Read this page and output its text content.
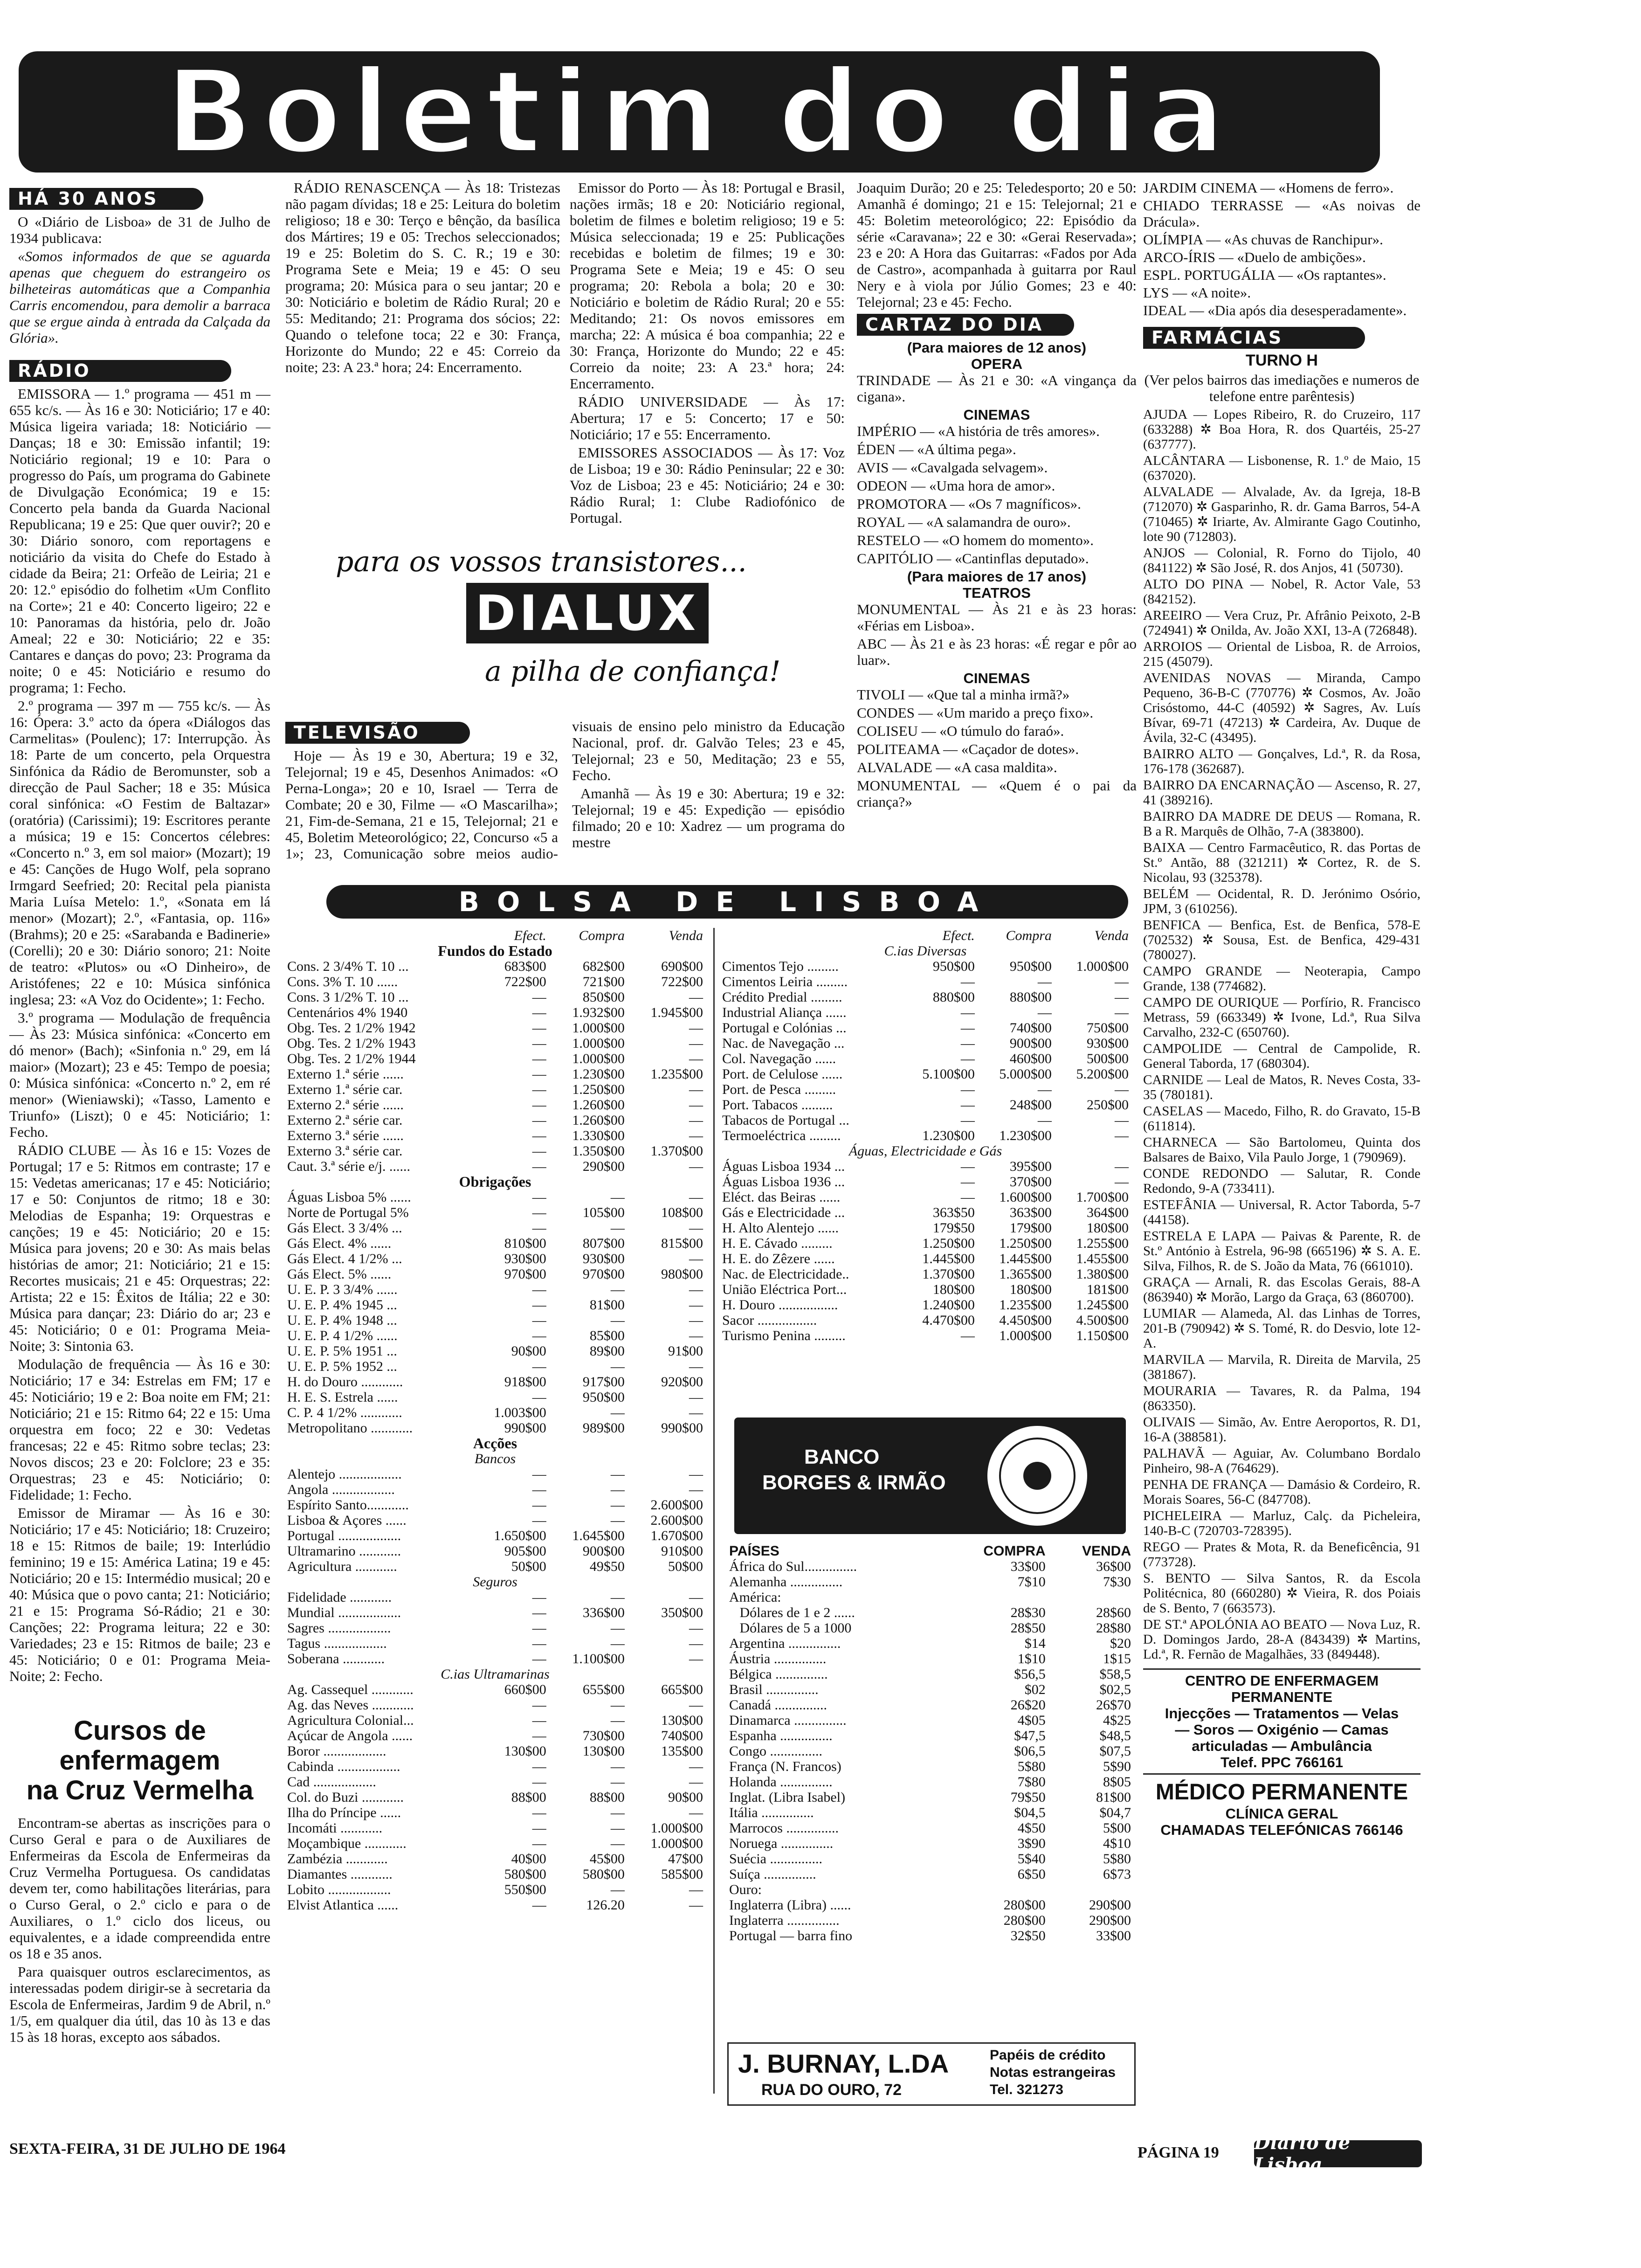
Boletim do dia
HÁ 30 ANOS

O «Diário de Lisboa» de 31 de Julho de 1934 publicava:

«Somos informados de que se aguarda apenas que cheguem do estrangeiro os bilheteiras automáticas que a Companhia Carris encomendou, para demolir a barraca que se ergue ainda à entrada da Calçada da Glória».

RÁDIO

EMISSORA — 1.º programa — 451 m — 655 kc/s. — Às 16 e 30: Noticiário; 17 e 40: Música ligeira variada; 18: Noticiário — Danças; 18 e 30: Emissão infantil; 19: Noticiário regional; 19 e 10: Para o progresso do País, um programa do Gabinete de Divulgação Económica; 19 e 15: Concerto pela banda da Guarda Nacional Republicana; 19 e 25: Que quer ouvir?; 20 e 30: Diário sonoro, com reportagens e noticiário da visita do Chefe do Estado à cidade da Beira; 21: Orfeão de Leiria; 21 e 20: 12.º episódio do folhetim «Um Conflito na Corte»; 21 e 40: Concerto ligeiro; 22 e 10: Panoramas da história, pelo dr. João Ameal; 22 e 30: Noticiário; 22 e 35: Cantares e danças do povo; 23: Programa da noite; 0 e 45: Noticiário e resumo do programa; 1: Fecho.

2.º programa — 397 m — 755 kc/s. — Às 16: Ópera: 3.º acto da ópera «Diálogos das Carmelitas» (Poulenc); 17: Interrupção. Às 18: Parte de um concerto, pela Orquestra Sinfónica da Rádio de Beromunster, sob a direcção de Paul Sacher; 18 e 35: Música coral sinfónica: «O Festim de Baltazar» (oratória) (Carissimi); 19: Escritores perante a música; 19 e 15: Concertos célebres: «Concerto n.º 3, em sol maior» (Mozart); 19 e 45: Canções de Hugo Wolf, pela soprano Irmgard Seefried; 20: Recital pela pianista Maria Luísa Metelo: 1.º, «Sonata em lá menor» (Mozart); 2.º, «Fantasia, op. 116» (Brahms); 20 e 25: «Sarabanda e Badinerie» (Corelli); 20 e 30: Diário sonoro; 21: Noite de teatro: «Plutos» ou «O Dinheiro», de Aristófenes; 22 e 10: Música sinfónica inglesa; 23: «A Voz do Ocidente»; 1: Fecho.

3.º programa — Modulação de frequência — Às 23: Música sinfónica: «Concerto em dó menor» (Bach); «Sinfonia n.º 29, em lá maior» (Mozart); 23 e 45: Tempo de poesia; 0: Música sinfónica: «Concerto n.º 2, em ré menor» (Wieniawski); «Tasso, Lamento e Triunfo» (Liszt); 0 e 45: Noticiário; 1: Fecho.

RÁDIO CLUBE — Às 16 e 15: Vozes de Portugal; 17 e 5: Ritmos em contraste; 17 e 15: Vedetas americanas; 17 e 45: Noticiário; 17 e 50: Conjuntos de ritmo; 18 e 30: Melodias de Espanha; 19: Orquestras e canções; 19 e 45: Noticiário; 20 e 15: Música para jovens; 20 e 30: As mais belas histórias de amor; 21: Noticiário; 21 e 15: Recortes musicais; 21 e 45: Orquestras; 22: Artista; 22 e 15: Êxitos de Itália; 22 e 30: Música para dançar; 23: Diário do ar; 23 e 45: Noticiário; 0 e 01: Programa Meia-Noite; 3: Sintonia 63.

Modulação de frequência — Às 16 e 30: Noticiário; 17 e 34: Estrelas em FM; 17 e 45: Noticiário; 19 e 2: Boa noite em FM; 21: Noticiário; 21 e 15: Ritmo 64; 22 e 15: Uma orquestra em foco; 22 e 30: Vedetas francesas; 22 e 45: Ritmo sobre teclas; 23: Novos discos; 23 e 20: Folclore; 23 e 35: Orquestras; 23 e 45: Noticiário; 0: Fidelidade; 1: Fecho.

Emissor de Miramar — Às 16 e 30: Noticiário; 17 e 45: Noticiário; 18: Cruzeiro; 18 e 15: Ritmos de baile; 19: Interlúdio feminino; 19 e 15: América Latina; 19 e 45: Noticiário; 20 e 15: Intermédio musical; 20 e 40: Música que o povo canta; 21: Noticiário; 21 e 15: Programa Só-Rádio; 21 e 30: Canções; 22: Programa leitura; 22 e 30: Variedades; 23 e 15: Ritmos de baile; 23 e 45: Noticiário; 0 e 01: Programa Meia-Noite; 2: Fecho.

Cursos de enfermagem
na Cruz Vermelha

Encontram-se abertas as inscrições para o Curso Geral e para o de Auxiliares de Enfermeiras da Escola de Enfermeiras da Cruz Vermelha Portuguesa. Os candidatas devem ter, como habilitações literárias, para o Curso Geral, o 2.º ciclo e para o de Auxiliares, o 1.º ciclo dos liceus, ou equivalentes, e a idade compreendida entre os 18 e 35 anos.

Para quaisquer outros esclarecimentos, as interessadas podem dirigir-se à secretaria da Escola de Enfermeiras, Jardim 9 de Abril, n.º 1/5, em qualquer dia útil, das 10 às 13 e das 15 às 18 horas, excepto aos sábados.

RÁDIO RENASCENÇA — Às 18: Tristezas não pagam dívidas; 18 e 25: Leitura do boletim religioso; 18 e 30: Terço e bênção, da basílica dos Mártires; 19 e 05: Trechos seleccionados; 19 e 25: Boletim do S. C. R.; 19 e 30: Programa Sete e Meia; 19 e 45: O seu programa; 20: Música para o seu jantar; 20 e 30: Noticiário e boletim de Rádio Rural; 20 e 55: Meditando; 21: Programa dos sócios; 22: Quando o telefone toca; 22 e 30: França, Horizonte do Mundo; 22 e 45: Correio da noite; 23: A 23.ª hora; 24: Encerramento.

Emissor do Porto — Às 18: Portugal e Brasil, nações irmãs; 18 e 20: Noticiário regional, boletim de filmes e boletim religioso; 19 e 5: Música seleccionada; 19 e 25: Publicações recebidas e boletim de filmes; 19 e 30: Programa Sete e Meia; 19 e 45: O seu programa; 20: Rebola a bola; 20 e 30: Noticiário e boletim de Rádio Rural; 20 e 55: Meditando; 21: Os novos emissores em marcha; 22: A música é boa companhia; 22 e 30: França, Horizonte do Mundo; 22 e 45: Correio da noite; 23: A 23.ª hora; 24: Encerramento.

RÁDIO UNIVERSIDADE — Às 17: Abertura; 17 e 5: Concerto; 17 e 50: Noticiário; 17 e 55: Encerramento.

EMISSORES ASSOCIADOS — Às 17: Voz de Lisboa; 19 e 30: Rádio Peninsular; 22 e 30: Voz de Lisboa; 23 e 45: Noticiário; 24 e 30: Rádio Rural; 1: Clube Radiofónico de Portugal.

Joaquim Durão; 20 e 25: Teledesporto; 20 e 50: Amanhã é domingo; 21 e 15: Telejornal; 21 e 45: Boletim meteorológico; 22: Episódio da série «Caravana»; 22 e 30: «Gerai Reservada»; 23 e 20: A Hora das Guitarras: «Fados por Ada de Castro», acompanhada à guitarra por Raul Nery e à viola por Júlio Gomes; 23 e 40: Telejornal; 23 e 45: Fecho.

CARTAZ DO DIA
(Para maiores de 12 anos)
OPERA

TRINDADE — Às 21 e 30: «A vingança da cigana».

CINEMAS

IMPÉRIO — «A história de três amores».

ÉDEN — «A última pega».

AVIS — «Cavalgada selvagem».

ODEON — «Uma hora de amor».

PROMOTORA — «Os 7 magníficos».

ROYAL — «A salamandra de ouro».

RESTELO — «O homem do momento».

CAPITÓLIO — «Cantinflas deputado».

(Para maiores de 17 anos)
TEATROS

MONUMENTAL — Às 21 e às 23 horas: «Férias em Lisboa».

ABC — Às 21 e às 23 horas: «É regar e pôr ao luar».

CINEMAS

TIVOLI — «Que tal a minha irmã?»

CONDES — «Um marido a preço fixo».

COLISEU — «O túmulo do faraó».

POLITEAMA — «Caçador de dotes».

ALVALADE — «A casa maldita».

MONUMENTAL — «Quem é o pai da criança?»

JARDIM CINEMA — «Homens de ferro».

CHIADO TERRASSE — «As noivas de Drácula».

OLÍMPIA — «As chuvas de Ranchipur».

ARCO-ÍRIS — «Duelo de ambições».

ESPL. PORTUGÁLIA — «Os raptantes».

LYS — «A noite».

IDEAL — «Dia após dia desesperadamente».

FARMÁCIAS
TURNO H
(Ver pelos bairros das imediações e numeros de telefone entre parêntesis)

AJUDA — Lopes Ribeiro, R. do Cruzeiro, 117 (633288) ✲ Boa Hora, R. dos Quartéis, 25-27 (637777).

ALCÂNTARA — Lisbonense, R. 1.º de Maio, 15 (637020).

ALVALADE — Alvalade, Av. da Igreja, 18-B (712070) ✲ Gasparinho, R. dr. Gama Barros, 54-A (710465) ✲ Iriarte, Av. Almirante Gago Coutinho, lote 90 (712803).

ANJOS — Colonial, R. Forno do Tijolo, 40 (841122) ✲ São José, R. dos Anjos, 41 (50730).

ALTO DO PINA — Nobel, R. Actor Vale, 53 (842152).

AREEIRO — Vera Cruz, Pr. Afrânio Peixoto, 2-B (724941) ✲ Onilda, Av. João XXI, 13-A (726848).

ARROIOS — Oriental de Lisboa, R. de Arroios, 215 (45079).

AVENIDAS NOVAS — Miranda, Campo Pequeno, 36-B-C (770776) ✲ Cosmos, Av. João Crisóstomo, 44-C (40592) ✲ Sagres, Av. Luís Bívar, 69-71 (47213) ✲ Cardeira, Av. Duque de Ávila, 32-C (43495).

BAIRRO ALTO — Gonçalves, Ld.ª, R. da Rosa, 176-178 (362687).

BAIRRO DA ENCARNAÇÃO — Ascenso, R. 27, 41 (389216).

BAIRRO DA MADRE DE DEUS — Romana, R. B a R. Marquês de Olhão, 7-A (383800).

BAIXA — Centro Farmacêutico, R. das Portas de St.º Antão, 88 (321211) ✲ Cortez, R. de S. Nicolau, 93 (325378).

BELÉM — Ocidental, R. D. Jerónimo Osório, JPM, 3 (610256).

BENFICA — Benfica, Est. de Benfica, 578-E (702532) ✲ Sousa, Est. de Benfica, 429-431 (780027).

CAMPO GRANDE — Neoterapia, Campo Grande, 138 (774682).

CAMPO DE OURIQUE — Porfírio, R. Francisco Metrass, 59 (663349) ✲ Ivone, Ld.ª, Rua Silva Carvalho, 232-C (650760).

CAMPOLIDE — Central de Campolide, R. General Taborda, 17 (680304).

CARNIDE — Leal de Matos, R. Neves Costa, 33-35 (780181).

CASELAS — Macedo, Filho, R. do Gravato, 15-B (611814).

CHARNECA — São Bartolomeu, Quinta dos Balsares de Baixo, Vila Paulo Jorge, 1 (790969).

CONDE REDONDO — Salutar, R. Conde Redondo, 9-A (733411).

ESTEFÂNIA — Universal, R. Actor Taborda, 5-7 (44158).

ESTRELA E LAPA — Paivas & Parente, R. de St.º António à Estrela, 96-98 (665196) ✲ S. A. E. Silva, Filhos, R. de S. João da Mata, 76 (661010).

GRAÇA — Arnali, R. das Escolas Gerais, 88-A (863940) ✲ Morão, Largo da Graça, 63 (860700).

LUMIAR — Alameda, Al. das Linhas de Torres, 201-B (790942) ✲ S. Tomé, R. do Desvio, lote 12-A.

MARVILA — Marvila, R. Direita de Marvila, 25 (381867).

MOURARIA — Tavares, R. da Palma, 194 (863350).

OLIVAIS — Simão, Av. Entre Aeroportos, R. D1, 16-A (388581).

PALHAVÃ — Aguiar, Av. Columbano Bordalo Pinheiro, 98-A (764629).

PENHA DE FRANÇA — Damásio & Cordeiro, R. Morais Soares, 56-C (847708).

PICHELEIRA — Marluz, Calç. da Picheleira, 140-B-C (720703-728395).

REGO — Prates & Mota, R. da Beneficência, 91 (773728).

S. BENTO — Silva Santos, R. da Escola Politécnica, 80 (660280) ✲ Vieira, R. dos Poiais de S. Bento, 7 (663573).

DE ST.ª APOLÓNIA AO BEATO — Nova Luz, R. D. Domingos Jardo, 28-A (843439) ✲ Martins, Ld.ª, R. Fernão de Magalhães, 33 (849448).

CENTRO DE ENFERMAGEM PERMANENTE
Injecções — Tratamentos — Velas
— Soros — Oxigénio — Camas
articuladas — Ambulância
Telef. PPC 766161
MÉDICO PERMANENTE
CLÍNICA GERAL
CHAMADAS TELEFÓNICAS 766146
para os vossos transistores...
DIALUX
a pilha de confiança!
TELEVISÃO

Hoje — Às 19 e 30, Abertura; 19 e 32, Telejornal; 19 e 45, Desenhos Animados: «O Perna-Longa»; 20 e 10, Israel — Terra de Combate; 20 e 30, Filme — «O Mascarilha»; 21, Fim-de-Semana, 21 e 15, Telejornal; 21 e 45, Boletim Meteorológico; 22, Concurso «5 a 1»; 23, Comunicação sobre meios audio-visuais de ensino pelo ministro da Educação Nacional, prof. dr. Galvão Teles; 23 e 45, Telejornal; 23 e 50, Meditação; 23 e 55, Fecho.

Amanhã — Às 19 e 30: Abertura; 19 e 32: Telejornal; 19 e 45: Expedição — episódio filmado; 20 e 10: Xadrez — um programa do mestre

BOLSA DE LISBOA
	Efect.	Compra	Venda
Fundos do Estado			
Cons. 2 3/4% T. 10 ...	683$00	682$00	690$00
Cons. 3% T. 10 ......	722$00	721$00	722$00
Cons. 3 1/2% T. 10 ...	—	850$00	—
Centenários 4% 1940	—	1.932$00	1.945$00
Obg. Tes. 2 1/2% 1942	—	1.000$00	—
Obg. Tes. 2 1/2% 1943	—	1.000$00	—
Obg. Tes. 2 1/2% 1944	—	1.000$00	—
Externo 1.ª série ......	—	1.230$00	1.235$00
Externo 1.ª série car.	—	1.250$00	—
Externo 2.ª série ......	—	1.260$00	—
Externo 2.ª série car.	—	1.260$00	—
Externo 3.ª série ......	—	1.330$00	—
Externo 3.ª série car.	—	1.350$00	1.370$00
Caut. 3.ª série e/j. ......	—	290$00	—
Obrigações			
Águas Lisboa 5% ......	—	—	—
Norte de Portugal 5%	—	105$00	108$00
Gás Elect. 3 3/4% ...	—	—	—
Gás Elect. 4% ......	810$00	807$00	815$00
Gás Elect. 4 1/2% ...	930$00	930$00	—
Gás Elect. 5% ......	970$00	970$00	980$00
U. E. P. 3 3/4% ......	—	—	—
U. E. P. 4% 1945 ...	—	81$00	—
U. E. P. 4% 1948 ...	—	—	—
U. E. P. 4 1/2% ......	—	85$00	—
U. E. P. 5% 1951 ...	90$00	89$00	91$00
U. E. P. 5% 1952 ...	—	—	—
H. do Douro ............	918$00	917$00	920$00
H. E. S. Estrela ......	—	950$00	—
C. P. 4 1/2% ............	1.003$00	—	—
Metropolitano ............	990$00	989$00	990$00
Acções			
Bancos			
Alentejo ..................	—	—	—
Angola ..................	—	—	—
Espírito Santo............	—	—	2.600$00
Lisboa & Açores ......	—	—	2.600$00
Portugal ..................	1.650$00	1.645$00	1.670$00
Ultramarino ............	905$00	900$00	910$00
Agricultura ............	50$00	49$50	50$00
Seguros			
Fidelidade ............	—	—	—
Mundial ..................	—	336$00	350$00
Sagres ..................	—	—	—
Tagus ..................	—	—	—
Soberana ............	—	1.100$00	—
C.ias Ultramarinas			
Ag. Cassequel ............	660$00	655$00	665$00
Ag. das Neves ............	—	—	—
Agricultura Colonial...	—	—	130$00
Açúcar de Angola ......	—	730$00	740$00
Boror ..................	130$00	130$00	135$00
Cabinda ..................	—	—	—
Cad ..................	—	—	—
Col. do Buzi ............	88$00	88$00	90$00
Ilha do Príncipe ......	—	—	—
Incomáti ............	—	—	1.000$00
Moçambique ............	—	—	1.000$00
Zambézia ............	40$00	45$00	47$00
Diamantes ............	580$00	580$00	585$00
Lobito ..................	550$00	—	—
Elvist Atlantica ......	—	126.20	—
	Efect.	Compra	Venda
C.ias Diversas			
Cimentos Tejo .........	950$00	950$00	1.000$00
Cimentos Leiria .........	—	—	—
Crédito Predial .........	880$00	880$00	—
Industrial Aliança ......	—	—	—
Portugal e Colónias ...	—	740$00	750$00
Nac. de Navegação ...	—	900$00	930$00
Col. Navegação ......	—	460$00	500$00
Port. de Celulose ......	5.100$00	5.000$00	5.200$00
Port. de Pesca .........	—	—	—
Port. Tabacos .........	—	248$00	250$00
Tabacos de Portugal ...	—	—	—
Termoeléctrica .........	1.230$00	1.230$00	—
Águas, Electricidade e Gás			
Águas Lisboa 1934 ...	—	395$00	—
Águas Lisboa 1936 ...	—	370$00	—
Eléct. das Beiras ......	—	1.600$00	1.700$00
Gás e Electricidade ...	363$50	363$00	364$00
H. Alto Alentejo ......	179$50	179$00	180$00
H. E. Cávado .........	1.250$00	1.250$00	1.255$00
H. E. do Zêzere ......	1.445$00	1.445$00	1.455$00
Nac. de Electricidade..	1.370$00	1.365$00	1.380$00
União Eléctrica Port...	180$00	180$00	181$00
H. Douro .................	1.240$00	1.235$00	1.245$00
Sacor .................	4.470$00	4.450$00	4.500$00
Turismo Penina .........	—	1.000$00	1.150$00
BANCO
BORGES & IRMÃO
PAÍSES	COMPRA	VENDA
África do Sul...............	33$00	36$00
Alemanha ...............	7$10	7$30
América:		
Dólares de 1 e 2 ......	28$30	28$60
Dólares de 5 a 1000	28$50	28$80
Argentina ...............	$14	$20
Áustria ...............	1$10	1$15
Bélgica ...............	$56,5	$58,5
Brasil ...............	$02	$02,5
Canadá ...............	26$20	26$70
Dinamarca ...............	4$05	4$25
Espanha ...............	$47,5	$48,5
Congo ...............	$06,5	$07,5
França (N. Francos)	5$80	5$90
Holanda ...............	7$80	8$05
Inglat. (Libra Isabel)	79$50	81$00
Itália ...............	$04,5	$04,7
Marrocos ...............	4$50	5$00
Noruega ...............	3$90	4$10
Suécia ...............	5$40	5$80
Suíça ...............	6$50	6$73
Ouro:		
Inglaterra (Libra) ......	280$00	290$00
Inglaterra ...............	280$00	290$00
Portugal — barra fino	32$50	33$00
J. BURNAY, L.DA
RUA DO OURO, 72
Papéis de crédito
Notas estrangeiras
Tel. 321273
SEXTA-FEIRA, 31 DE JULHO DE 1964	PÁGINA 19 Diario de Lisboa
